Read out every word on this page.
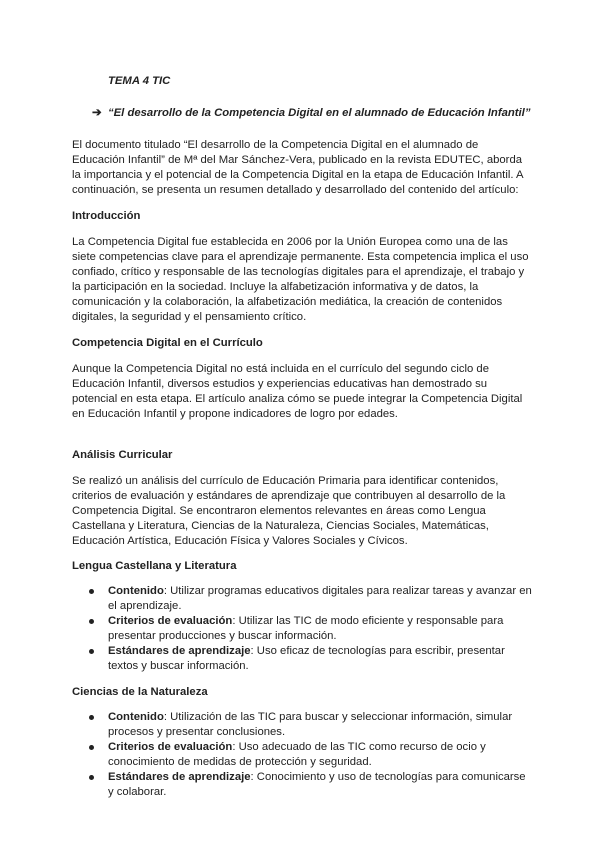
TEMA 4 TIC
➔ “El desarrollo de la Competencia Digital en el alumnado de Educación Infantil”

El documento titulado “El desarrollo de la Competencia Digital en el alumnado de Educación Infantil” de Mª del Mar Sánchez-Vera, publicado en la revista EDUTEC, aborda la importancia y el potencial de la Competencia Digital en la etapa de Educación Infantil. A continuación, se presenta un resumen detallado y desarrollado del contenido del artículo:

Introducción

La Competencia Digital fue establecida en 2006 por la Unión Europea como una de las siete competencias clave para el aprendizaje permanente. Esta competencia implica el uso confiado, crítico y responsable de las tecnologías digitales para el aprendizaje, el trabajo y la participación en la sociedad. Incluye la alfabetización informativa y de datos, la comunicación y la colaboración, la alfabetización mediática, la creación de contenidos digitales, la seguridad y el pensamiento crítico.

Competencia Digital en el Currículo

Aunque la Competencia Digital no está incluida en el currículo del segundo ciclo de Educación Infantil, diversos estudios y experiencias educativas han demostrado su potencial en esta etapa. El artículo analiza cómo se puede integrar la Competencia Digital en Educación Infantil y propone indicadores de logro por edades.

Análisis Curricular

Se realizó un análisis del currículo de Educación Primaria para identificar contenidos, criterios de evaluación y estándares de aprendizaje que contribuyen al desarrollo de la Competencia Digital. Se encontraron elementos relevantes en áreas como Lengua Castellana y Literatura, Ciencias de la Naturaleza, Ciencias Sociales, Matemáticas, Educación Artística, Educación Física y Valores Sociales y Cívicos.

Lengua Castellana y Literatura
Contenido: Utilizar programas educativos digitales para realizar tareas y avanzar en el aprendizaje.
Criterios de evaluación: Utilizar las TIC de modo eficiente y responsable para presentar producciones y buscar información.
Estándares de aprendizaje: Uso eficaz de tecnologías para escribir, presentar textos y buscar información.
Ciencias de la Naturaleza
Contenido: Utilización de las TIC para buscar y seleccionar información, simular procesos y presentar conclusiones.
Criterios de evaluación: Uso adecuado de las TIC como recurso de ocio y conocimiento de medidas de protección y seguridad.
Estándares de aprendizaje: Conocimiento y uso de tecnologías para comunicarse y colaborar.
